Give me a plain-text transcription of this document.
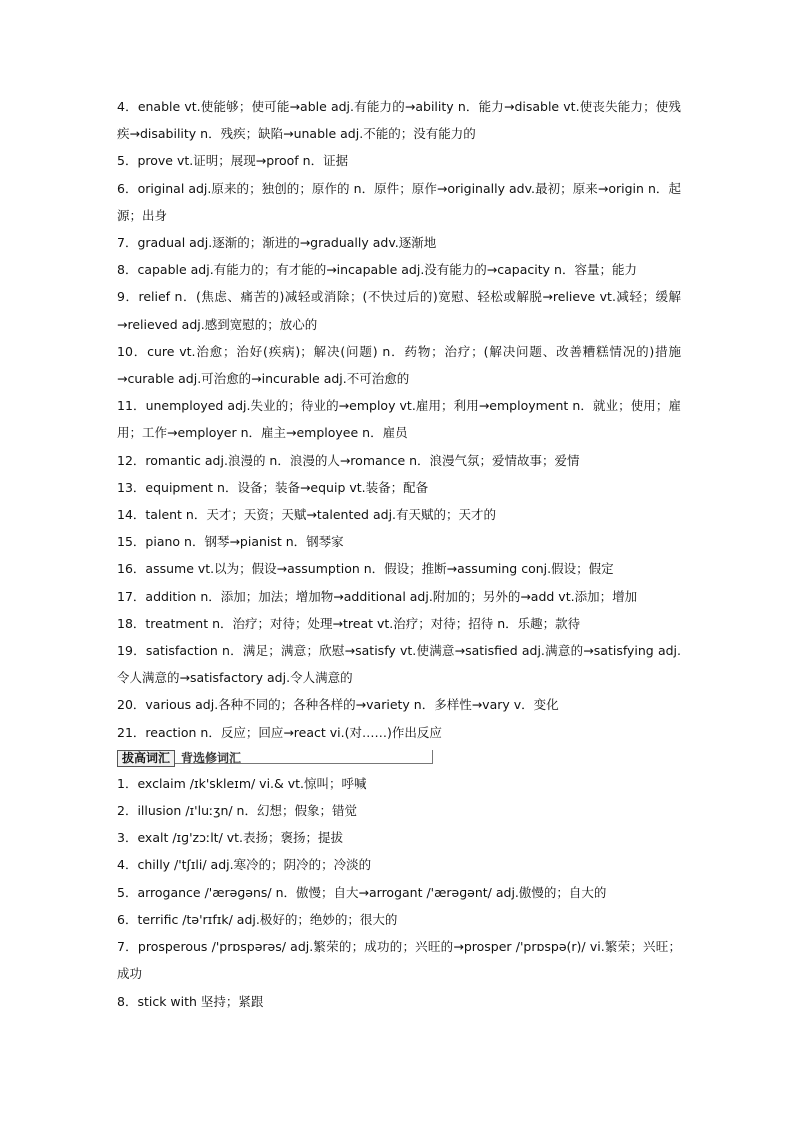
4．enable vt.使能够；使可能→able adj.有能力的→ability n．能力→disable vt.使丧失能力；使残疾→disability n．残疾；缺陷→unable adj.不能的；没有能力的
5．prove vt.证明；展现→proof n．证据
6．original adj.原来的；独创的；原作的 n．原件；原作→originally adv.最初；原来→origin n．起源；出身
7．gradual adj.逐渐的；渐进的→gradually adv.逐渐地
8．capable adj.有能力的；有才能的→incapable adj.没有能力的→capacity n．容量；能力
9．relief n．(焦虑、痛苦的)减轻或消除；(不快过后的)宽慰、轻松或解脱→relieve vt.减轻；缓解→relieved adj.感到宽慰的；放心的
10．cure vt.治愈；治好(疾病)；解决(问题) n．药物；治疗；(解决问题、改善糟糕情况的)措施→curable adj.可治愈的→incurable adj.不可治愈的
11．unemployed adj.失业的；待业的→employ vt.雇用；利用→employment n．就业；使用；雇用；工作→employer n．雇主→employee n．雇员
12．romantic adj.浪漫的 n．浪漫的人→romance n．浪漫气氛；爱情故事；爱情
13．equipment n．设备；装备→equip vt.装备；配备
14．talent n．天才；天资；天赋→talented adj.有天赋的；天才的
15．piano n．钢琴→pianist n．钢琴家
16．assume vt.以为；假设→assumption n．假设；推断→assuming conj.假设；假定
17．addition n．添加；加法；增加物→additional adj.附加的；另外的→add vt.添加；增加
18．treatment n．治疗；对待；处理→treat vt.治疗；对待；招待 n．乐趣；款待
19．satisfaction n．满足；满意；欣慰→satisfy vt.使满意→satisfied adj.满意的→satisfying adj.令人满意的→satisfactory adj.令人满意的
20．various adj.各种不同的；各种各样的→variety n．多样性→vary v．变化
21．reaction n．反应；回应→react vi.(对……)作出反应
拔高词汇 背选修词汇
1．exclaim /ɪk'skleɪm/ vi.& vt.惊叫；呼喊
2．illusion /ɪ'luːʒn/ n．幻想；假象；错觉
3．exalt /ɪɡ'zɔːlt/ vt.表扬；褒扬；提拔
4．chilly /'tʃɪli/ adj.寒冷的；阴冷的；冷淡的
5．arrogance /'ærəɡəns/ n．傲慢；自大→arrogant /'ærəɡənt/ adj.傲慢的；自大的
6．terrific /tə'rɪfɪk/ adj.极好的；绝妙的；很大的
7．prosperous /'prɒspərəs/ adj.繁荣的；成功的；兴旺的→prosper /'prɒspə(r)/ vi.繁荣；兴旺；成功
8．stick with 坚持；紧跟
